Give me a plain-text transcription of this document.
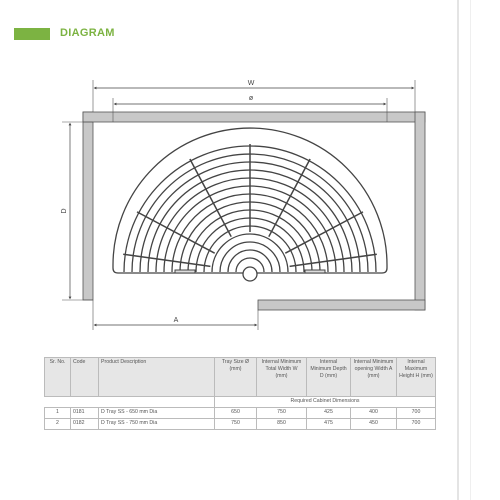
DIAGRAM
W
ø
D
A
Sr. No.	Code	Product Description	Tray Size Ø (mm)	Internal Minimum Total Width W (mm)	Internal Minimum Depth D (mm)	Internal Minimum opening Width A (mm)	Internal Maximum Height H (mm)
			Required Cabinet Dimensions				
1	0181	D Tray SS - 650 mm Dia	650	750	425	400	700
2	0182	D Tray SS - 750 mm Dia	750	850	475	450	700
